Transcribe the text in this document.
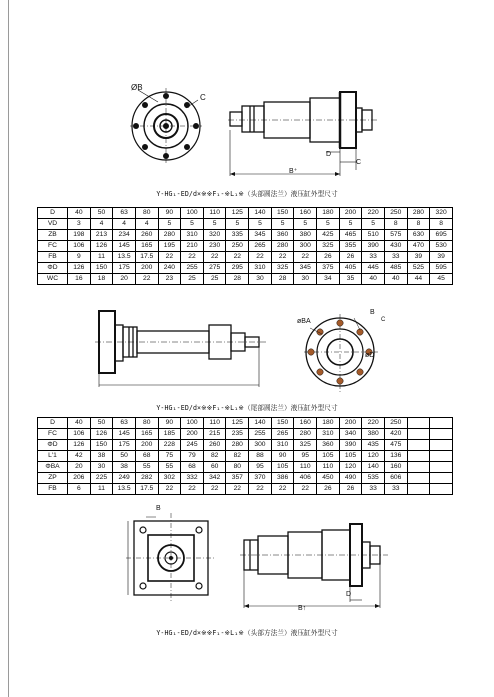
ØB
C
D
C
B⁺
Y-HG₁-ED/d×※※F₁-※L₁※（头部圆法兰）液压缸外型尺寸
D	40	50	63	80	90	100	110	125	140	150	160	180	200	220	250	280	320
VD	3	4	4	4	5	5	5	5	5	5	5	5	5	5	8	8	8
ZB	198	213	234	260	280	310	320	335	345	360	380	425	465	510	575	630	695
FC	106	126	145	165	195	210	230	250	265	280	300	325	355	390	430	470	530
FB	9	11	13.5	17.5	22	22	22	22	22	22	22	26	26	33	33	39	39
ΦD	126	150	175	200	240	255	275	295	310	325	345	375	405	445	485	525	595
WC	16	18	20	22	23	25	25	28	30	28	30	34	35	40	40	44	45
øBA
B
C
øD
Y-HG₁-ED/d×※※F₁-※L₁※（尾部圆法兰）液压缸外型尺寸
D	40	50	63	80	90	100	110	125	140	150	160	180	200	220	250		
FC	106	126	145	165	185	200	215	235	255	265	280	310	340	380	420		
ΦD	126	150	175	200	228	245	260	280	300	310	325	360	390	435	475		
L′1	42	38	50	68	75	79	82	82	88	90	95	105	105	120	136		
ΦBA	20	30	38	55	55	68	60	80	95	105	110	110	120	140	160		
ZP	206	225	249	282	302	332	342	357	370	386	406	450	490	535	606		
FB	6	11	13.5	17.5	22	22	22	22	22	22	22	26	26	33	33		
B
D
B↑
Y-HG₁-ED/d×※※F₁-※L₁※（头部方法兰）液压缸外型尺寸
